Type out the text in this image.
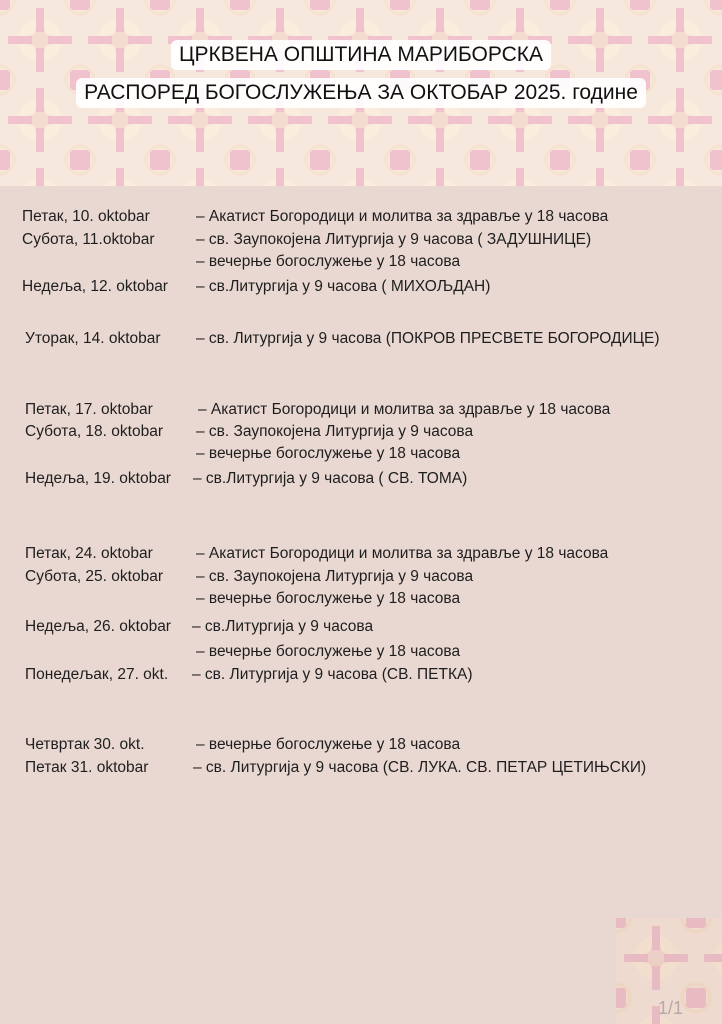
ЦРКВЕНА ОПШТИНА МАРИБОРСКА
РАСПОРЕД БОГОСЛУЖЕЊА ЗА ОКТОБАР 2025. године
Петак, 10. oktobar	– Акатист Богородици и молитва за здравље у 18 часова
Субота, 11.oktobar	– св. Заупокојена Литургија у 9 часова ( ЗАДУШНИЦЕ)
– вечерње богослужење у 18 часова
Недеља, 12. oktobar – св.Литургија у 9 часова ( МИХОЉДАН)
Уторак, 14. oktobar – св. Литургија у 9 часова (ПОКРОВ ПРЕСВЕТЕ БОГОРОДИЦЕ)
Петак, 17. oktobar	– Акатист Богородици и молитва за здравље у 18 часова
Субота, 18. oktobar – св. Заупокојена Литургија у 9 часова
– вечерње богослужење у 18 часова
Недеља, 19. oktobar – св.Литургија у 9 часова ( СВ. ТОМА)
Петак, 24. oktobar	– Акатист Богородици и молитва за здравље у 18 часова
Субота, 25. oktobar – св. Заупокојена Литургија у 9 часова
– вечерње богослужење у 18 часова
Недеља, 26. oktobar – св.Литургија у 9 часова
– вечерње богослужење у 18 часова
Понедељак, 27. okt. – св. Литургија у 9 часова (СВ. ПЕТКА)
Четвртак 30. okt.	– вечерње богослужење у 18 часова
Петак 31. oktobar	– св. Литургија у 9 часова (СВ. ЛУКА. СВ. ПЕТАР ЦЕТИЊСКИ)
1/1
